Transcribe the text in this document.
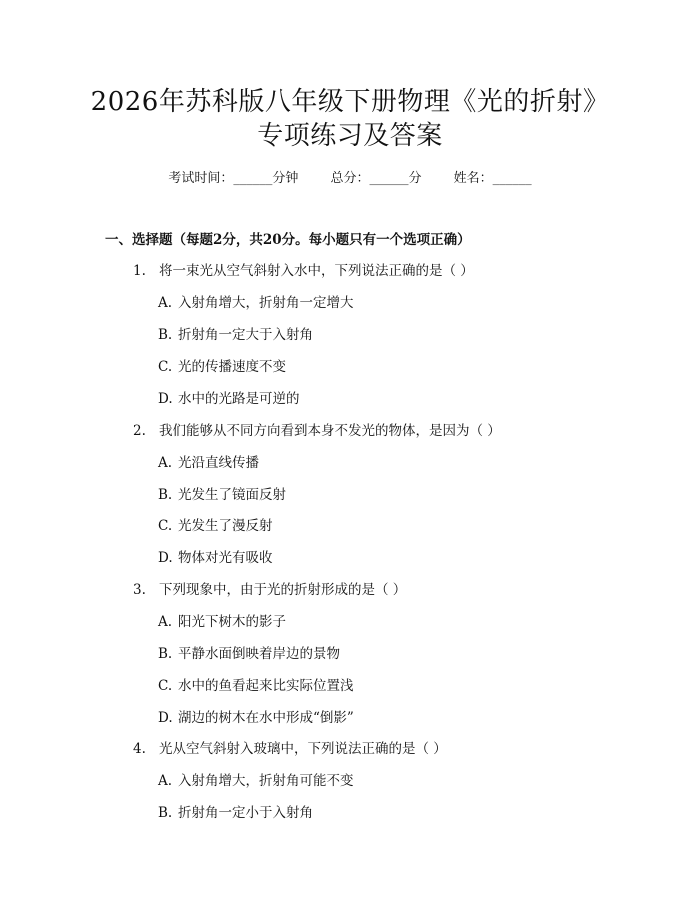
2026年苏科版八年级下册物理《光的折射》
专项练习及答案
考试时间：______分钟 总分：______分 姓名：______
一、选择题（每题2分，共20分。每小题只有一个选项正确）
1. 将一束光从空气斜射入水中，下列说法正确的是（ ）
A. 入射角增大，折射角一定增大
B. 折射角一定大于入射角
C. 光的传播速度不变
D. 水中的光路是可逆的
2. 我们能够从不同方向看到本身不发光的物体，是因为（ ）
A. 光沿直线传播
B. 光发生了镜面反射
C. 光发生了漫反射
D. 物体对光有吸收
3. 下列现象中，由于光的折射形成的是（ ）
A. 阳光下树木的影子
B. 平静水面倒映着岸边的景物
C. 水中的鱼看起来比实际位置浅
D. 湖边的树木在水中形成“倒影”
4. 光从空气斜射入玻璃中，下列说法正确的是（ ）
A. 入射角增大，折射角可能不变
B. 折射角一定小于入射角
